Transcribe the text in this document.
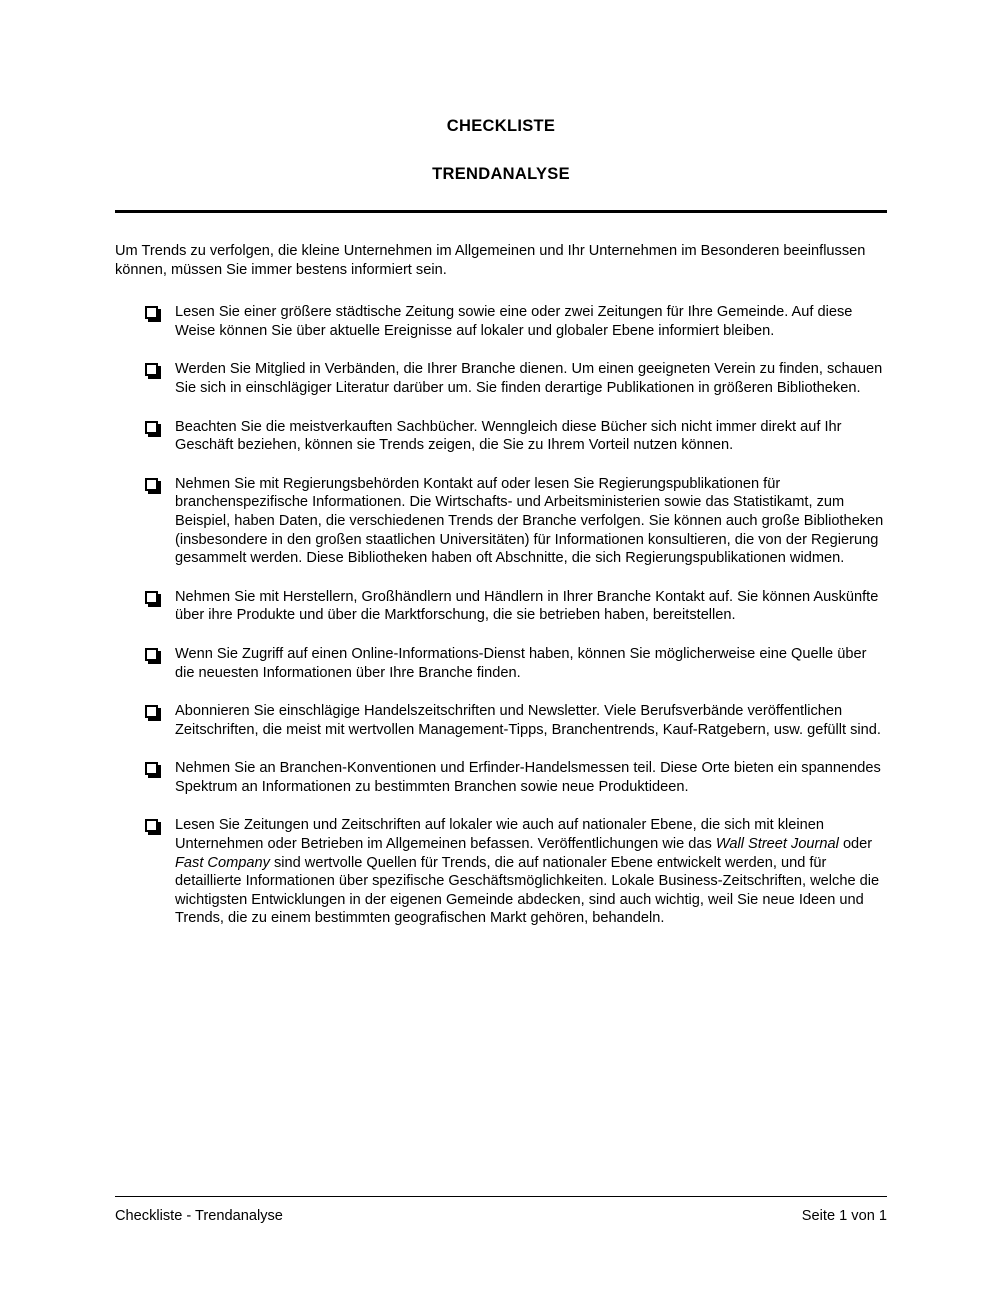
CHECKLISTE
TRENDANALYSE

Um Trends zu verfolgen, die kleine Unternehmen im Allgemeinen und Ihr Unternehmen im Besonderen beeinflussen können, müssen Sie immer bestens informiert sein.

Lesen Sie einer größere städtische Zeitung sowie eine oder zwei Zeitungen für Ihre Gemeinde. Auf diese Weise können Sie über aktuelle Ereignisse auf lokaler und globaler Ebene informiert bleiben.
Werden Sie Mitglied in Verbänden, die Ihrer Branche dienen. Um einen geeigneten Verein zu finden, schauen Sie sich in einschlägiger Literatur darüber um. Sie finden derartige Publikationen in größeren Bibliotheken.
Beachten Sie die meistverkauften Sachbücher. Wenngleich diese Bücher sich nicht immer direkt auf Ihr Geschäft beziehen, können sie Trends zeigen, die Sie zu Ihrem Vorteil nutzen können.
Nehmen Sie mit Regierungsbehörden Kontakt auf oder lesen Sie Regierungspublikationen für branchenspezifische Informationen. Die Wirtschafts- und Arbeitsministerien sowie das Statistikamt, zum Beispiel, haben Daten, die verschiedenen Trends der Branche verfolgen. Sie können auch große Bibliotheken (insbesondere in den großen staatlichen Universitäten) für Informationen konsultieren, die von der Regierung gesammelt werden. Diese Bibliotheken haben oft Abschnitte, die sich Regierungspublikationen widmen.
Nehmen Sie mit Herstellern, Großhändlern und Händlern in Ihrer Branche Kontakt auf. Sie können Auskünfte über ihre Produkte und über die Marktforschung, die sie betrieben haben, bereitstellen.
Wenn Sie Zugriff auf einen Online-Informations-Dienst haben, können Sie möglicherweise eine Quelle über die neuesten Informationen über Ihre Branche finden.
Abonnieren Sie einschlägige Handelszeitschriften und Newsletter. Viele Berufsverbände veröffentlichen Zeitschriften, die meist mit wertvollen Management-Tipps, Branchentrends, Kauf-Ratgebern, usw. gefüllt sind.
Nehmen Sie an Branchen-Konventionen und Erfinder-Handelsmessen teil. Diese Orte bieten ein spannendes Spektrum an Informationen zu bestimmten Branchen sowie neue Produktideen.
Lesen Sie Zeitungen und Zeitschriften auf lokaler wie auch auf nationaler Ebene, die sich mit kleinen Unternehmen oder Betrieben im Allgemeinen befassen. Veröffentlichungen wie das Wall Street Journal oder Fast Company sind wertvolle Quellen für Trends, die auf nationaler Ebene entwickelt werden, und für detaillierte Informationen über spezifische Geschäftsmöglichkeiten. Lokale Business-Zeitschriften, welche die wichtigsten Entwicklungen in der eigenen Gemeinde abdecken, sind auch wichtig, weil Sie neue Ideen und Trends, die zu einem bestimmten geografischen Markt gehören, behandeln.
Checkliste - Trendanalyse	Seite 1 von 1
